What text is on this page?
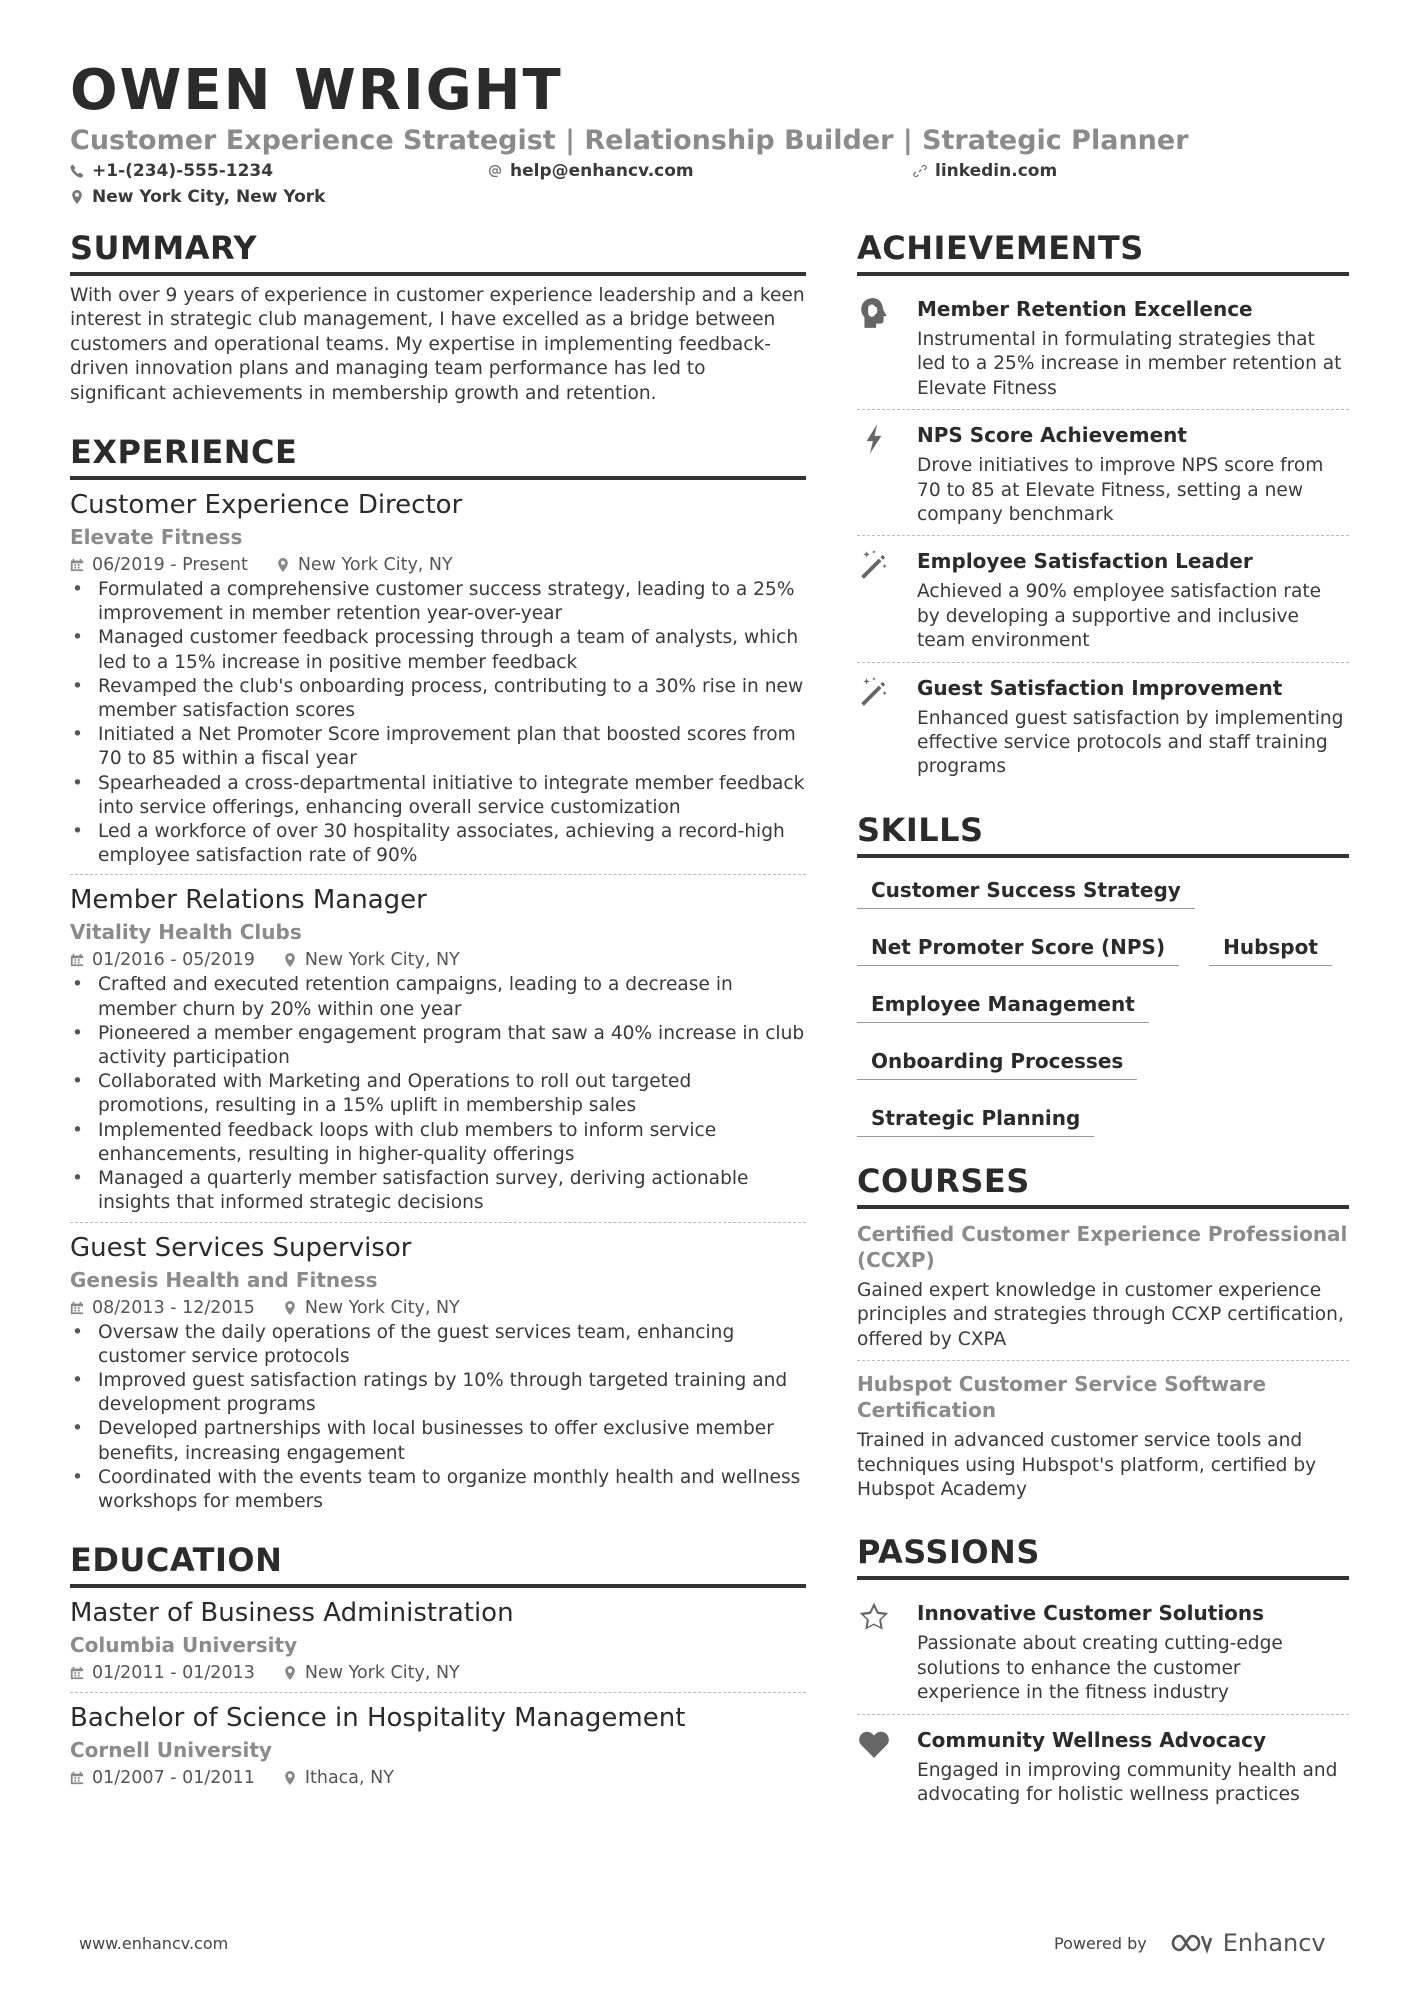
OWEN WRIGHT
Customer Experience Strategist | Relationship Builder | Strategic Planner
+1-(234)-555-1234	help@enhancv.com	linkedin.com
New York City, New York
SUMMARY
With over 9 years of experience in customer experience leadership and a keen interest in strategic club management, I have excelled as a bridge between customers and operational teams. My expertise in implementing feedback-driven innovation plans and managing team performance has led to significant achievements in membership growth and retention.
EXPERIENCE
Customer Experience Director
Elevate Fitness
06/2019 - Present	New York City, NY
• Formulated a comprehensive customer success strategy, leading to a 25% improvement in member retention year-over-year
• Managed customer feedback processing through a team of analysts, which led to a 15% increase in positive member feedback
• Revamped the club's onboarding process, contributing to a 30% rise in new member satisfaction scores
• Initiated a Net Promoter Score improvement plan that boosted scores from 70 to 85 within a fiscal year
• Spearheaded a cross-departmental initiative to integrate member feedback into service offerings, enhancing overall service customization
• Led a workforce of over 30 hospitality associates, achieving a record-high employee satisfaction rate of 90%
Member Relations Manager
Vitality Health Clubs
01/2016 - 05/2019	New York City, NY
• Crafted and executed retention campaigns, leading to a decrease in member churn by 20% within one year
• Pioneered a member engagement program that saw a 40% increase in club activity participation
• Collaborated with Marketing and Operations to roll out targeted promotions, resulting in a 15% uplift in membership sales
• Implemented feedback loops with club members to inform service enhancements, resulting in higher-quality offerings
• Managed a quarterly member satisfaction survey, deriving actionable insights that informed strategic decisions
Guest Services Supervisor
Genesis Health and Fitness
08/2013 - 12/2015	New York City, NY
• Oversaw the daily operations of the guest services team, enhancing customer service protocols
• Improved guest satisfaction ratings by 10% through targeted training and development programs
• Developed partnerships with local businesses to offer exclusive member benefits, increasing engagement
• Coordinated with the events team to organize monthly health and wellness workshops for members
EDUCATION
Master of Business Administration
Columbia University
01/2011 - 01/2013	New York City, NY
Bachelor of Science in Hospitality Management
Cornell University
01/2007 - 01/2011	Ithaca, NY
ACHIEVEMENTS
Member Retention Excellence
Instrumental in formulating strategies that led to a 25% increase in member retention at Elevate Fitness
NPS Score Achievement
Drove initiatives to improve NPS score from 70 to 85 at Elevate Fitness, setting a new company benchmark
Employee Satisfaction Leader
Achieved a 90% employee satisfaction rate by developing a supportive and inclusive team environment
Guest Satisfaction Improvement
Enhanced guest satisfaction by implementing effective service protocols and staff training programs
SKILLS
Customer Success Strategy
Net Promoter Score (NPS)	Hubspot
Employee Management
Onboarding Processes
Strategic Planning
COURSES
Certified Customer Experience Professional (CCXP)
Gained expert knowledge in customer experience principles and strategies through CCXP certification, offered by CXPA
Hubspot Customer Service Software Certification
Trained in advanced customer service tools and techniques using Hubspot's platform, certified by Hubspot Academy
PASSIONS
Innovative Customer Solutions
Passionate about creating cutting-edge solutions to enhance the customer experience in the fitness industry
Community Wellness Advocacy
Engaged in improving community health and advocating for holistic wellness practices
www.enhancv.com	Powered by	Enhancv
